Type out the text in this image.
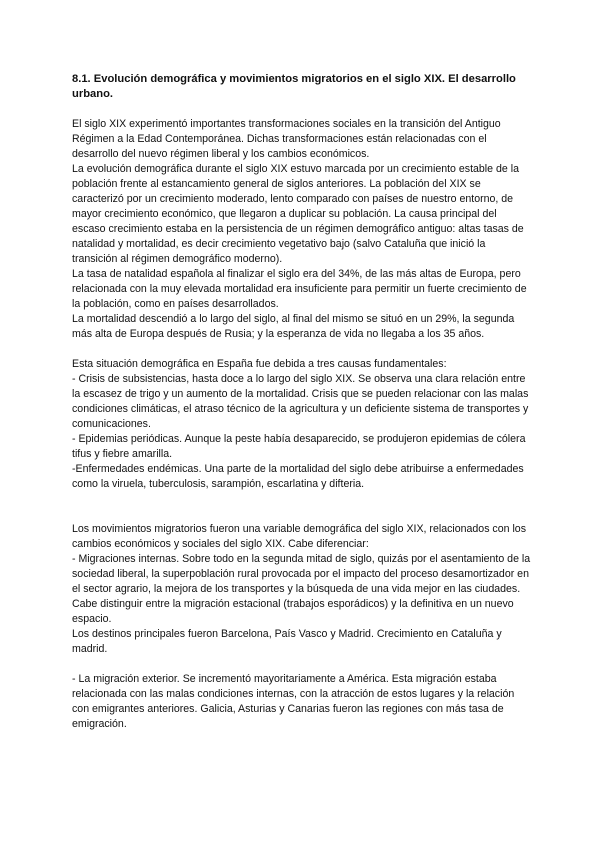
8.1. Evolución demográfica y movimientos migratorios en el siglo XIX. El desarrollo urbano.

El siglo XIX experimentó importantes transformaciones sociales en la transición del Antiguo Régimen a la Edad Contemporánea. Dichas transformaciones están relacionadas con el desarrollo del nuevo régimen liberal y los cambios económicos.

La evolución demográfica durante el siglo XIX estuvo marcada por un crecimiento estable de la población frente al estancamiento general de siglos anteriores. La población del XIX se caracterizó por un crecimiento moderado, lento comparado con países de nuestro entorno, de mayor crecimiento económico, que llegaron a duplicar su población. La causa principal del escaso crecimiento estaba en la persistencia de un régimen demográfico antiguo: altas tasas de natalidad y mortalidad, es decir crecimiento vegetativo bajo (salvo Cataluña que inició la transición al régimen demográfico moderno).

La tasa de natalidad española al finalizar el siglo era del 34%, de las más altas de Europa, pero relacionada con la muy elevada mortalidad era insuficiente para permitir un fuerte crecimiento de la población, como en países desarrollados.

La mortalidad descendió a lo largo del siglo, al final del mismo se situó en un 29%, la segunda más alta de Europa después de Rusia; y la esperanza de vida no llegaba a los 35 años.

Esta situación demográfica en España fue debida a tres causas fundamentales:

- Crisis de subsistencias, hasta doce a lo largo del siglo XIX. Se observa una clara relación entre la escasez de trigo y un aumento de la mortalidad. Crisis que se pueden relacionar con las malas condiciones climáticas, el atraso técnico de la agricultura y un deficiente sistema de transportes y comunicaciones.

- Epidemias periódicas. Aunque la peste había desaparecido, se produjeron epidemias de cólera tifus y fiebre amarilla.

-Enfermedades endémicas. Una parte de la mortalidad del siglo debe atribuirse a enfermedades como la viruela, tuberculosis, sarampión, escarlatina y difteria.

Los movimientos migratorios fueron una variable demográfica del siglo XIX, relacionados con los cambios económicos y sociales del siglo XIX. Cabe diferenciar:

- Migraciones internas. Sobre todo en la segunda mitad de siglo, quizás por el asentamiento de la sociedad liberal, la superpoblación rural provocada por el impacto del proceso desamortizador en el sector agrario, la mejora de los transportes y la búsqueda de una vida mejor en las ciudades.

Cabe distinguir entre la migración estacional (trabajos esporádicos) y la definitiva en un nuevo espacio.

Los destinos principales fueron Barcelona, País Vasco y Madrid. Crecimiento en Cataluña y madrid.

- La migración exterior. Se incrementó mayoritariamente a América. Esta migración estaba relacionada con las malas condiciones internas, con la atracción de estos lugares y la relación con emigrantes anteriores. Galicia, Asturias y Canarias fueron las regiones con más tasa de emigración.
